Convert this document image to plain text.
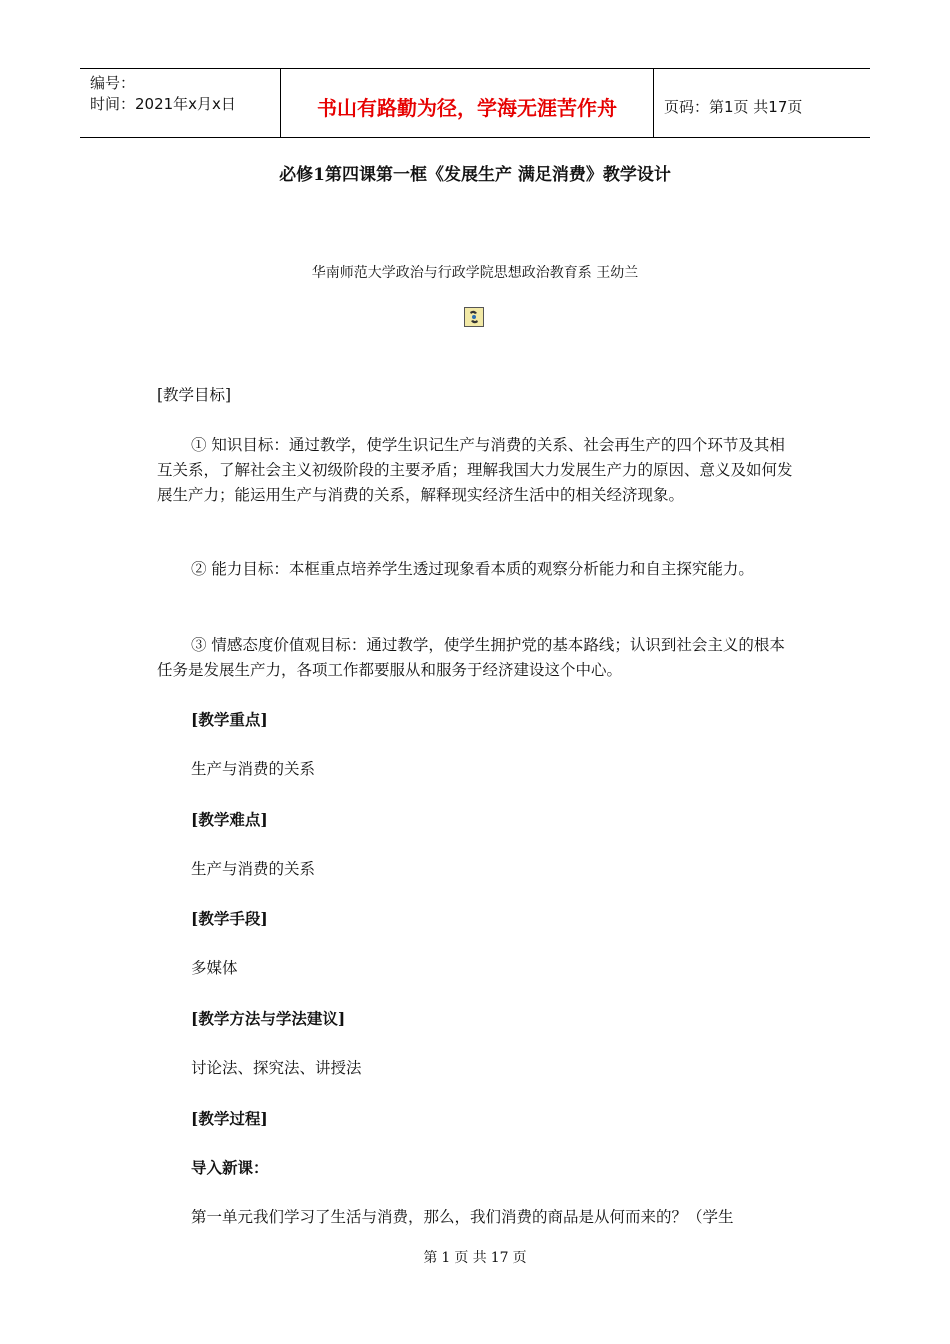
编号：
时间：2021年x月x日	书山有路勤为径，学海无涯苦作舟	页码：第1页 共17页
必修1第四课第一框《发展生产 满足消费》教学设计
华南师范大学政治与行政学院思想政治教育系 王幼兰
[教学目标]
① 知识目标：通过教学，使学生识记生产与消费的关系、社会再生产的四个环节及其相互关系，了解社会主义初级阶段的主要矛盾；理解我国大力发展生产力的原因、意义及如何发展生产力；能运用生产与消费的关系，解释现实经济生活中的相关经济现象。
② 能力目标：本框重点培养学生透过现象看本质的观察分析能力和自主探究能力。
③ 情感态度价值观目标：通过教学，使学生拥护党的基本路线；认识到社会主义的根本任务是发展生产力，各项工作都要服从和服务于经济建设这个中心。
[教学重点]
生产与消费的关系
[教学难点]
生产与消费的关系
[教学手段]
多媒体
[教学方法与学法建议]
讨论法、探究法、讲授法
[教学过程]
导入新课：
第一单元我们学习了生活与消费，那么，我们消费的商品是从何而来的？（学生
第 1 页 共 17 页
